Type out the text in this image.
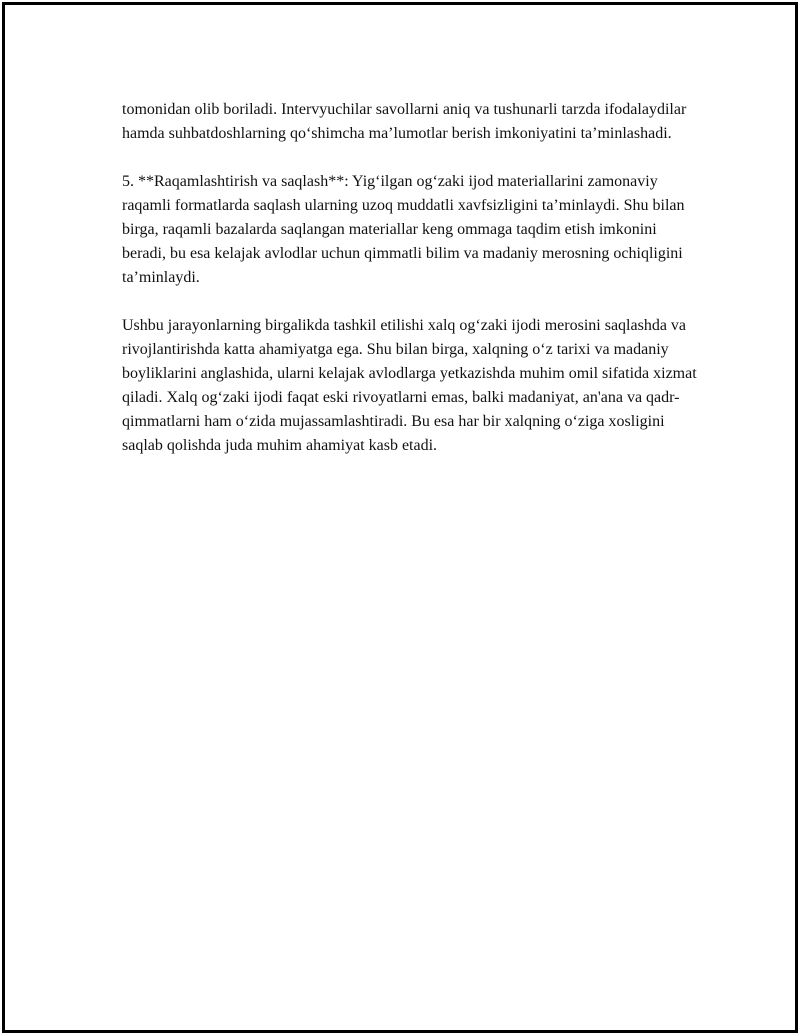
tomonidan olib boriladi. Intervyuchilar savollarni aniq va tushunarli tarzda ifodalaydilar hamda suhbatdoshlarning qo‘shimcha ma’lumotlar berish imkoniyatini ta’minlashadi.

5. **Raqamlashtirish va saqlash**: Yig‘ilgan og‘zaki ijod materiallarini zamonaviy raqamli formatlarda saqlash ularning uzoq muddatli xavfsizligini ta’minlaydi. Shu bilan birga, raqamli bazalarda saqlangan materiallar keng ommaga taqdim etish imkonini beradi, bu esa kelajak avlodlar uchun qimmatli bilim va madaniy merosning ochiqligini ta’minlaydi.

Ushbu jarayonlarning birgalikda tashkil etilishi xalq og‘zaki ijodi merosini saqlashda va rivojlantirishda katta ahamiyatga ega. Shu bilan birga, xalqning o‘z tarixi va madaniy boyliklarini anglashida, ularni kelajak avlodlarga yetkazishda muhim omil sifatida xizmat qiladi. Xalq og‘zaki ijodi faqat eski rivoyatlarni emas, balki madaniyat, an'ana va qadr-qimmatlarni ham o‘zida mujassamlashtiradi. Bu esa har bir xalqning o‘ziga xosligini saqlab qolishda juda muhim ahamiyat kasb etadi.
